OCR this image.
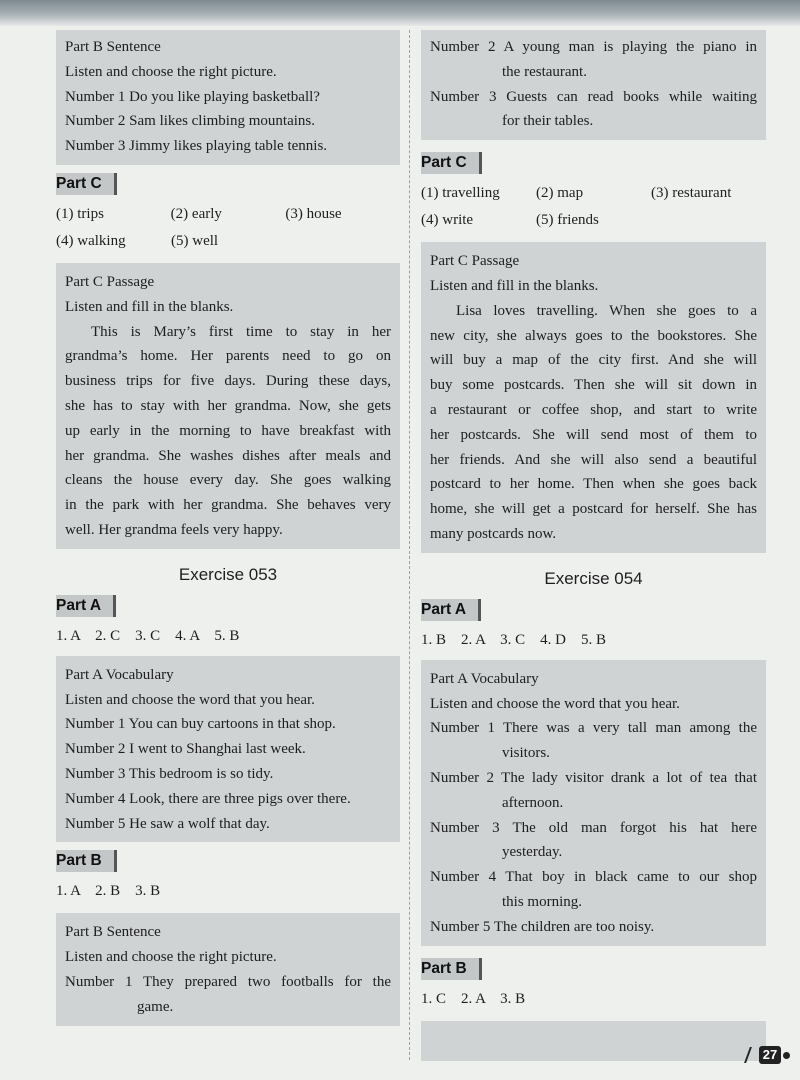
Part B Sentence
Listen and choose the right picture.
Number 1 Do you like playing basketball?
Number 2 Sam likes climbing mountains.
Number 3 Jimmy likes playing table tennis.
Part C
(1) trips	(2) early	(3) house
(4) walking	(5) well
Part C Passage
Listen and fill in the blanks.
This is Mary’s first time to stay in her
grandma’s home. Her parents need to go on
business trips for five days. During these days,
she has to stay with her grandma. Now, she gets
up early in the morning to have breakfast with
her grandma. She washes dishes after meals and
cleans the house every day. She goes walking
in the park with her grandma. She behaves very
well. Her grandma feels very happy.
Exercise 053
Part A
1. A    2. C    3. C    4. A    5. B
Part A Vocabulary
Listen and choose the word that you hear.
Number 1 You can buy cartoons in that shop.
Number 2 I went to Shanghai last week.
Number 3 This bedroom is so tidy.
Number 4 Look, there are three pigs over there.
Number 5 He saw a wolf that day.
Part B
1. A    2. B    3. B
Part B Sentence
Listen and choose the right picture.
Number 1 They prepared two footballs for the
game.
Number 2 A young man is playing the piano in
the restaurant.
Number 3 Guests can read books while waiting
for their tables.
Part C
(1) travelling	(2) map	(3) restaurant
(4) write	(5) friends
Part C Passage
Listen and fill in the blanks.
Lisa loves travelling. When she goes to a
new city, she always goes to the bookstores. She
will buy a map of the city first. And she will
buy some postcards. Then she will sit down in
a restaurant or coffee shop, and start to write
her postcards. She will send most of them to
her friends. And she will also send a beautiful
postcard to her home. Then when she goes back
home, she will get a postcard for herself. She has
many postcards now.
Exercise 054
Part A
1. B    2. A    3. C    4. D    5. B
Part A Vocabulary
Listen and choose the word that you hear.
Number 1 There was a very tall man among the
visitors.
Number 2 The lady visitor drank a lot of tea that
afternoon.
Number 3 The old man forgot his hat here
yesterday.
Number 4 That boy in black came to our shop
this morning.
Number 5 The children are too noisy.
Part B
1. C    2. A    3. B
27
